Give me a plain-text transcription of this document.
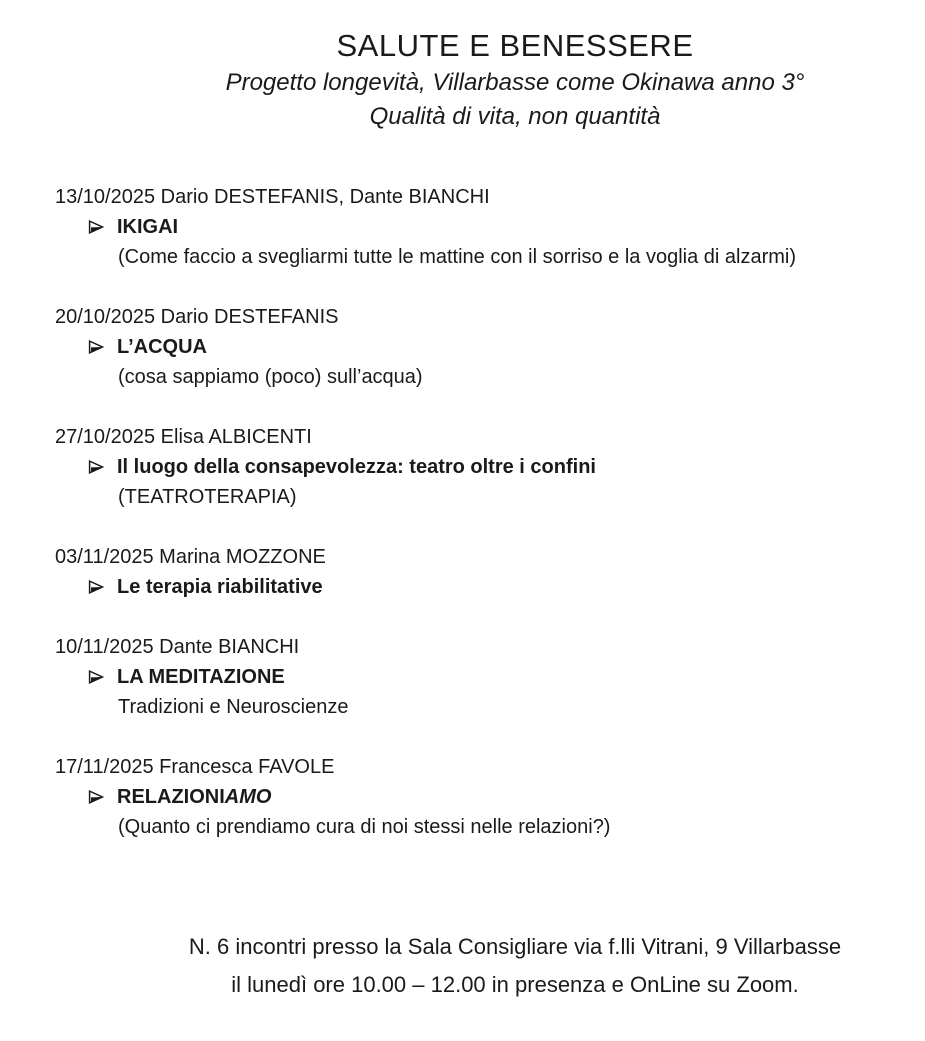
SALUTE E BENESSERE

Progetto longevità, Villarbasse come Okinawa anno 3°

Qualità di vita, non quantità

13/10/2025 Dario DESTEFANIS, Dante BIANCHI
IKIGAI
(Come faccio a svegliarmi tutte le mattine con il sorriso e la voglia di alzarmi)
20/10/2025 Dario DESTEFANIS
L’ACQUA
(cosa sappiamo (poco) sull’acqua)
27/10/2025 Elisa ALBICENTI
Il luogo della consapevolezza: teatro oltre i confini
(TEATROTERAPIA)
03/11/2025 Marina MOZZONE
Le terapia riabilitative
10/11/2025 Dante BIANCHI
LA MEDITAZIONE
Tradizioni e Neuroscienze
17/11/2025 Francesca FAVOLE
RELAZIONIAMO
(Quanto ci prendiamo cura di noi stessi nelle relazioni?)

N. 6 incontri presso la Sala Consigliare via f.lli Vitrani, 9 Villarbasse

il lunedì ore 10.00 – 12.00 in presenza e OnLine su Zoom.
